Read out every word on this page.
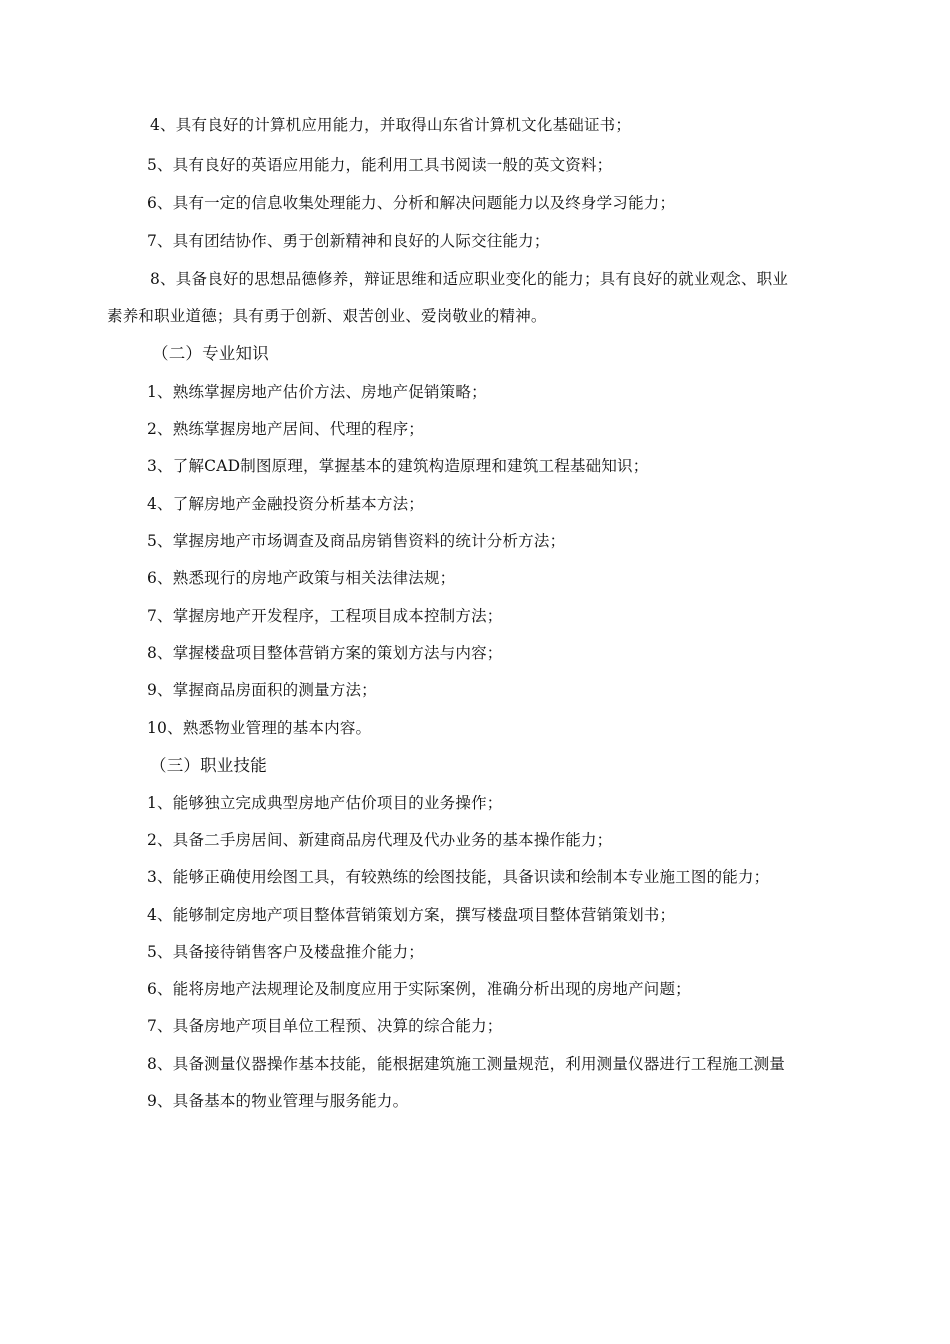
4、具有良好的计算机应用能力，并取得山东省计算机文化基础证书；
5、具有良好的英语应用能力，能利用工具书阅读一般的英文资料；
6、具有一定的信息收集处理能力、分析和解决问题能力以及终身学习能力；
7、具有团结协作、勇于创新精神和良好的人际交往能力；
8、具备良好的思想品德修养，辩证思维和适应职业变化的能力；具有良好的就业观念、职业
素养和职业道德；具有勇于创新、艰苦创业、爱岗敬业的精神。
（二）专业知识
1、熟练掌握房地产估价方法、房地产促销策略；
2、熟练掌握房地产居间、代理的程序；
3、了解CAD制图原理，掌握基本的建筑构造原理和建筑工程基础知识；
4、了解房地产金融投资分析基本方法；
5、掌握房地产市场调查及商品房销售资料的统计分析方法；
6、熟悉现行的房地产政策与相关法律法规；
7、掌握房地产开发程序，工程项目成本控制方法；
8、掌握楼盘项目整体营销方案的策划方法与内容；
9、掌握商品房面积的测量方法；
10、熟悉物业管理的基本内容。
（三）职业技能
1、能够独立完成典型房地产估价项目的业务操作；
2、具备二手房居间、新建商品房代理及代办业务的基本操作能力；
3、能够正确使用绘图工具，有较熟练的绘图技能，具备识读和绘制本专业施工图的能力；
4、能够制定房地产项目整体营销策划方案，撰写楼盘项目整体营销策划书；
5、具备接待销售客户及楼盘推介能力；
6、能将房地产法规理论及制度应用于实际案例，准确分析出现的房地产问题；
7、具备房地产项目单位工程预、决算的综合能力；
8、具备测量仪器操作基本技能，能根据建筑施工测量规范，利用测量仪器进行工程施工测量
9、具备基本的物业管理与服务能力。
